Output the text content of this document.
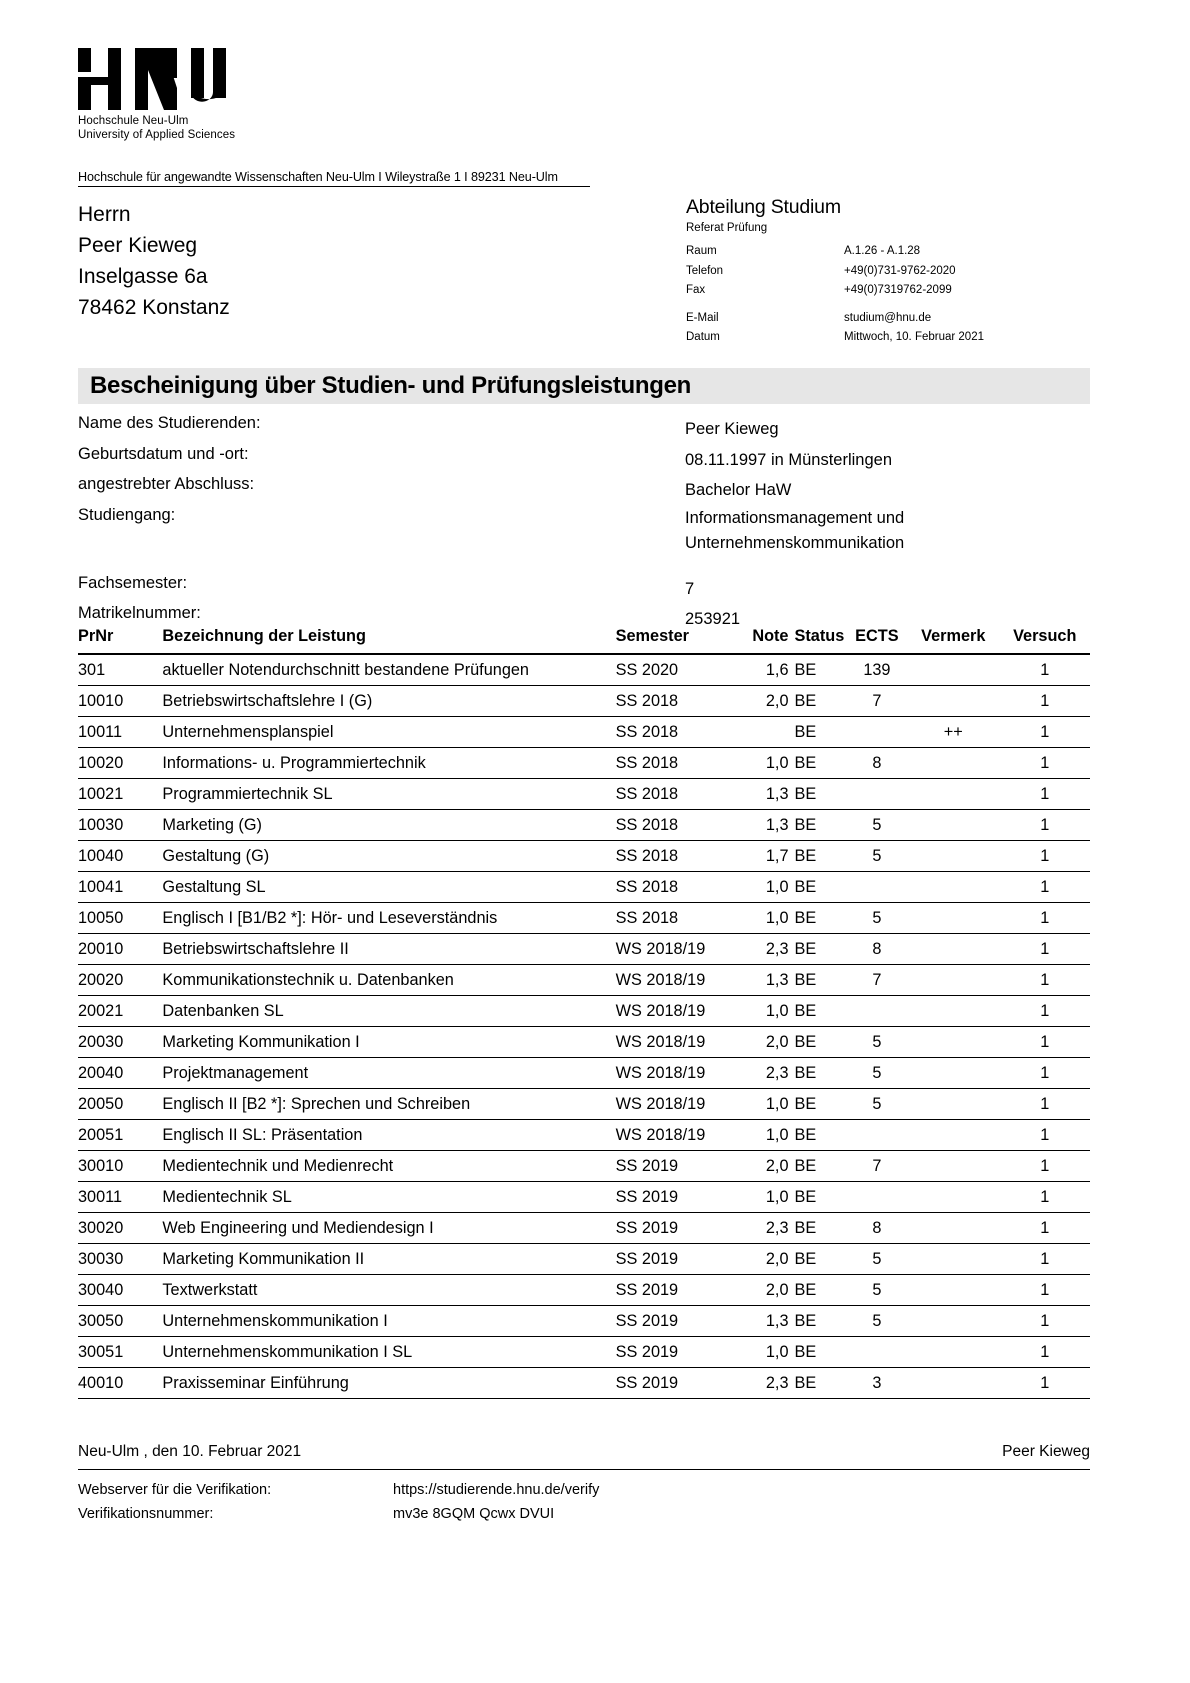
Hochschule Neu-Ulm
University of Applied Sciences
Hochschule für angewandte Wissenschaften Neu-Ulm I Wileystraße 1 I 89231 Neu-Ulm
Herrn
Peer Kieweg
Inselgasse 6a
78462 Konstanz
Abteilung Studium
Referat Prüfung
Raum	A.1.26 - A.1.28
Telefon	+49(0)731-9762-2020
Fax	+49(0)7319762-2099
E-Mail	studium@hnu.de
Datum	Mittwoch, 10. Februar 2021
Bescheinigung über Studien- und Prüfungsleistungen
Name des Studierenden:	Peer Kieweg
Geburtsdatum und -ort:	08.11.1997 in Münsterlingen
angestrebter Abschluss:	Bachelor HaW
Studiengang:	Informationsmanagement und
Unternehmenskommunikation
Fachsemester:	7
Matrikelnummer:	253921
PrNr	Bezeichnung der Leistung	Semester	Note	Status	ECTS	Vermerk	Versuch
301	aktueller Notendurchschnitt bestandene Prüfungen	SS 2020	1,6	BE	139		1
10010	Betriebswirtschaftslehre I (G)	SS 2018	2,0	BE	7		1
10011	Unternehmensplanspiel	SS 2018		BE		++	1
10020	Informations- u. Programmiertechnik	SS 2018	1,0	BE	8		1
10021	Programmiertechnik SL	SS 2018	1,3	BE			1
10030	Marketing (G)	SS 2018	1,3	BE	5		1
10040	Gestaltung (G)	SS 2018	1,7	BE	5		1
10041	Gestaltung SL	SS 2018	1,0	BE			1
10050	Englisch I [B1/B2 *]: Hör- und Leseverständnis	SS 2018	1,0	BE	5		1
20010	Betriebswirtschaftslehre II	WS 2018/19	2,3	BE	8		1
20020	Kommunikationstechnik u. Datenbanken	WS 2018/19	1,3	BE	7		1
20021	Datenbanken SL	WS 2018/19	1,0	BE			1
20030	Marketing Kommunikation I	WS 2018/19	2,0	BE	5		1
20040	Projektmanagement	WS 2018/19	2,3	BE	5		1
20050	Englisch II [B2 *]: Sprechen und Schreiben	WS 2018/19	1,0	BE	5		1
20051	Englisch II SL: Präsentation	WS 2018/19	1,0	BE			1
30010	Medientechnik und Medienrecht	SS 2019	2,0	BE	7		1
30011	Medientechnik SL	SS 2019	1,0	BE			1
30020	Web Engineering und Mediendesign I	SS 2019	2,3	BE	8		1
30030	Marketing Kommunikation II	SS 2019	2,0	BE	5		1
30040	Textwerkstatt	SS 2019	2,0	BE	5		1
30050	Unternehmenskommunikation I	SS 2019	1,3	BE	5		1
30051	Unternehmenskommunikation I SL	SS 2019	1,0	BE			1
40010	Praxisseminar Einführung	SS 2019	2,3	BE	3		1
Neu-Ulm , den 10. Februar 2021	Peer Kieweg
Webserver für die Verifikation:	https://studierende.hnu.de/verify
Verifikationsnummer:	mv3e 8GQM Qcwx DVUI
